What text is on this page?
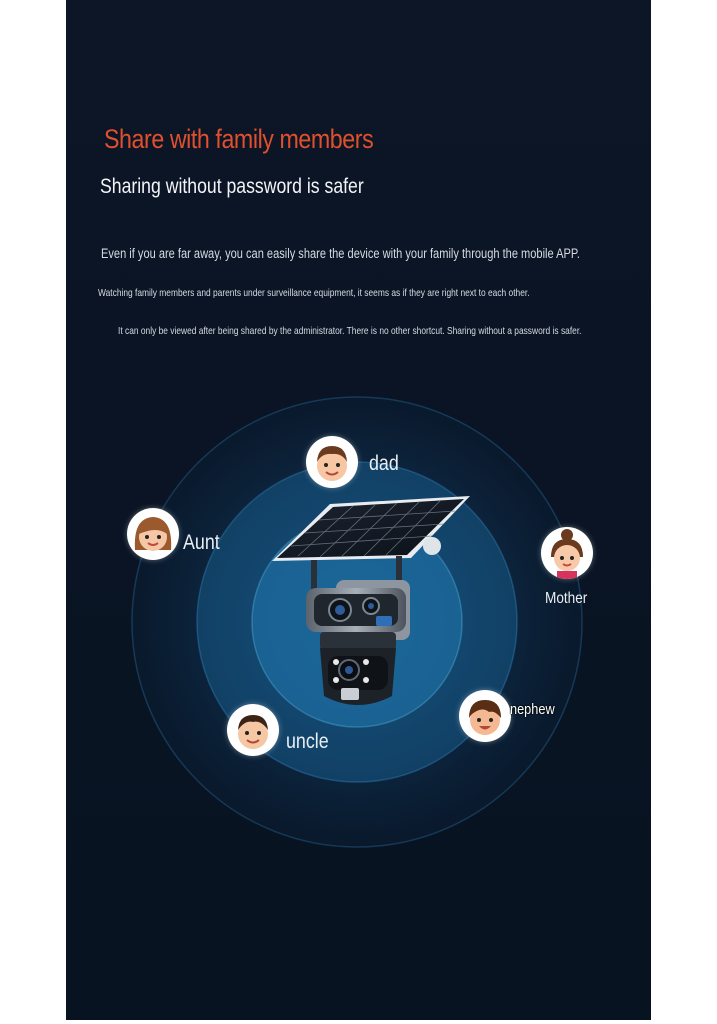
Share with family members
Sharing without password is safer
Even if you are far away, you can easily share the device with your family through the mobile APP.
Watching family members and parents under surveillance equipment, it seems as if they are right next to each other.
It can only be viewed after being shared by the administrator. There is no other shortcut. Sharing without a password is safer.
dad
Aunt
Mother
nephew
uncle
